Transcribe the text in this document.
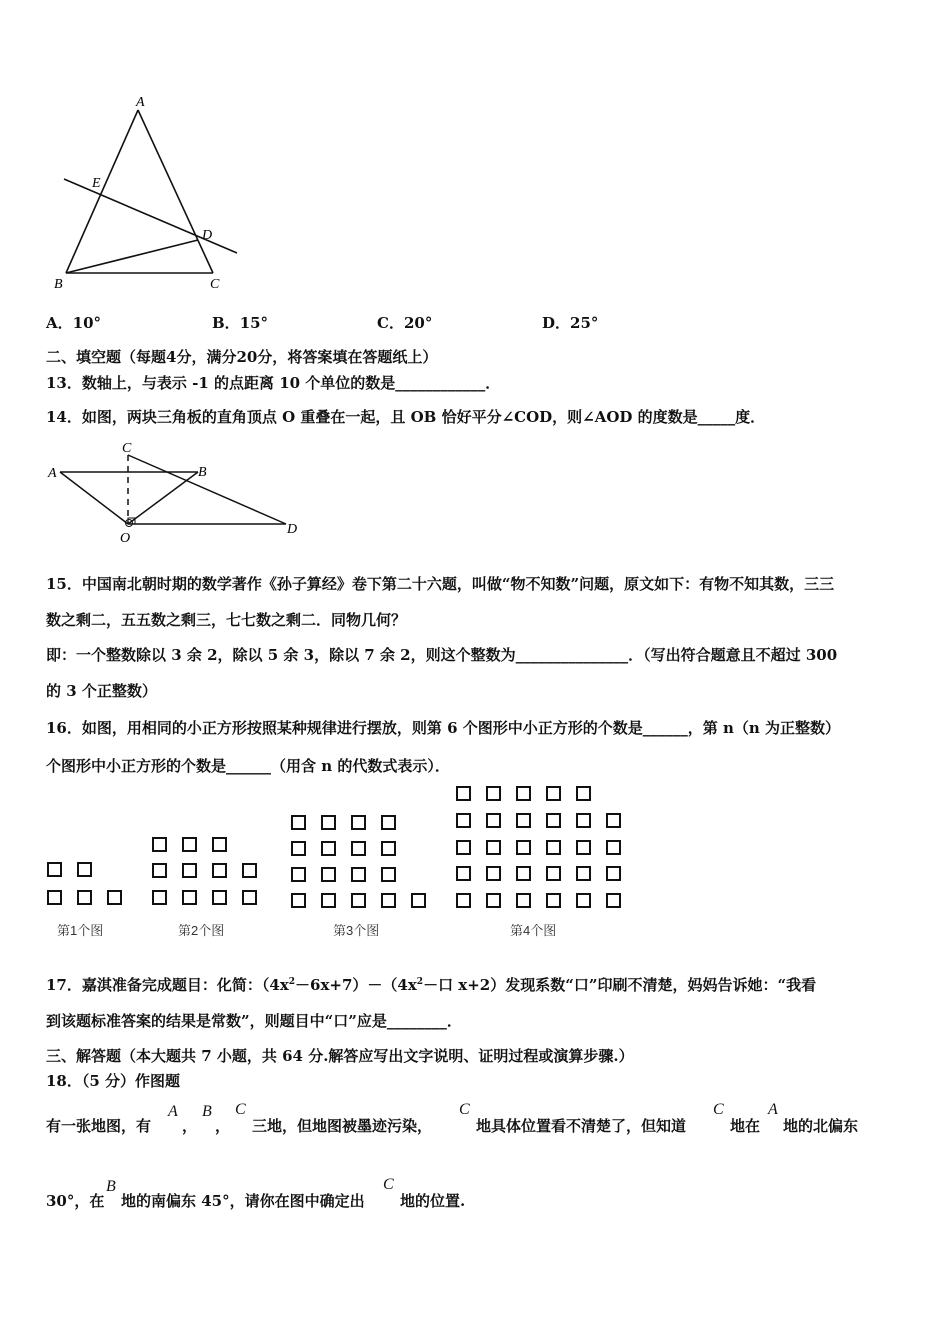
A
E
D
B	C
A．10°	B．15°	C．20°	D．25°
二、填空题（每题4分，满分20分，将答案填在答题纸上）
13．数轴上，与表示 -1 的点距离 10 个单位的数是____________．
14．如图，两块三角板的直角顶点 O 重叠在一起，且 OB 恰好平分∠COD，则∠AOD 的度数是_____度．
C
A	B
O
D
15．中国南北朝时期的数学著作《孙子算经》卷下第二十六题，叫做“物不知数”问题，原文如下：有物不知其数，三三
数之剩二，五五数之剩三，七七数之剩二．同物几何？
即：一个整数除以 3 余 2，除以 5 余 3，除以 7 余 2，则这个整数为_______________．（写出符合题意且不超过 300
的 3 个正整数）
16．如图，用相同的小正方形按照某种规律进行摆放，则第 6 个图形中小正方形的个数是______，第 n（n 为正整数）
个图形中小正方形的个数是______（用含 n 的代数式表示）．
第1个图	第2个图	第3个图	第4个图
17．嘉淇准备完成题目：化简：$(4x^2-6x+7)-(4x^2-$口 x+2）发现系数“口”印刷不清楚，妈妈告诉她：“我看
到该题标准答案的结果是常数”，则题目中“口”应是________．
三、解答题（本大题共 7 小题，共 64 分.解答应写出文字说明、证明过程或演算步骤.）
18．（5 分）作图题
有一张地图，有
A
，
B
，
C
三地，但地图被墨迹污染，
C
地具体位置看不清楚了，但知道
C
地在
A
地的北偏东
30°，在
B
地的南偏东 45°，请你在图中确定出
C
地的位置.
